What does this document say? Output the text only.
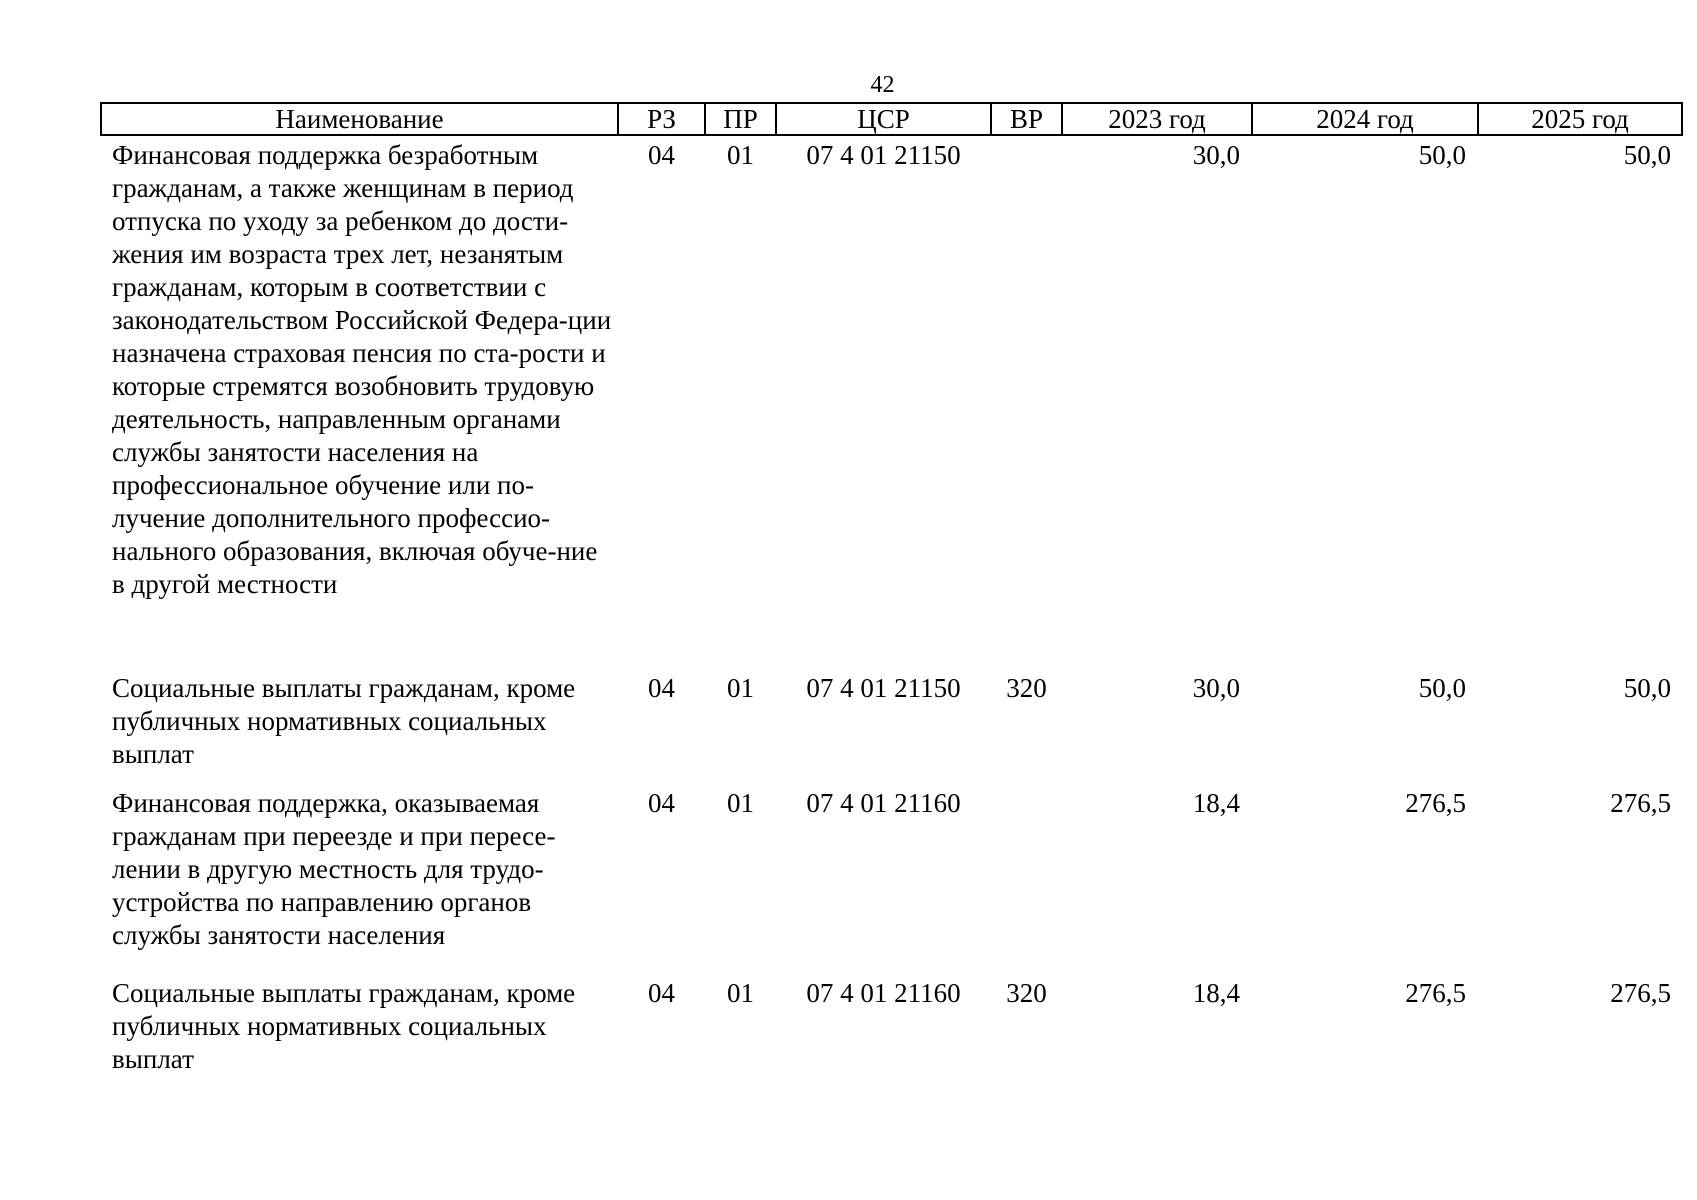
42
Наименование	РЗ	ПР	ЦСР	ВР	2023 год	2024 год	2025 год
Финансовая поддержка безработным гражданам, а также женщинам в период отпуска по уходу за ребенком до дости-жения им возраста трех лет, незанятым гражданам, которым в соответствии с законодательством Российской Федера-ции назначена страховая пенсия по ста-рости и которые стремятся возобновить трудовую деятельность, направленным органами службы занятости населения на профессиональное обучение или по-лучение дополнительного профессио-нального образования, включая обуче-ние в другой местности	04	01	07 4 01 21150		30,0	50,0	50,0
Социальные выплаты гражданам, кроме публичных нормативных социальных выплат	04	01	07 4 01 21150	320	30,0	50,0	50,0
Финансовая поддержка, оказываемая гражданам при переезде и при пересе-лении в другую местность для трудо-устройства по направлению органов службы занятости населения	04	01	07 4 01 21160		18,4	276,5	276,5
Социальные выплаты гражданам, кроме публичных нормативных социальных выплат	04	01	07 4 01 21160	320	18,4	276,5	276,5
